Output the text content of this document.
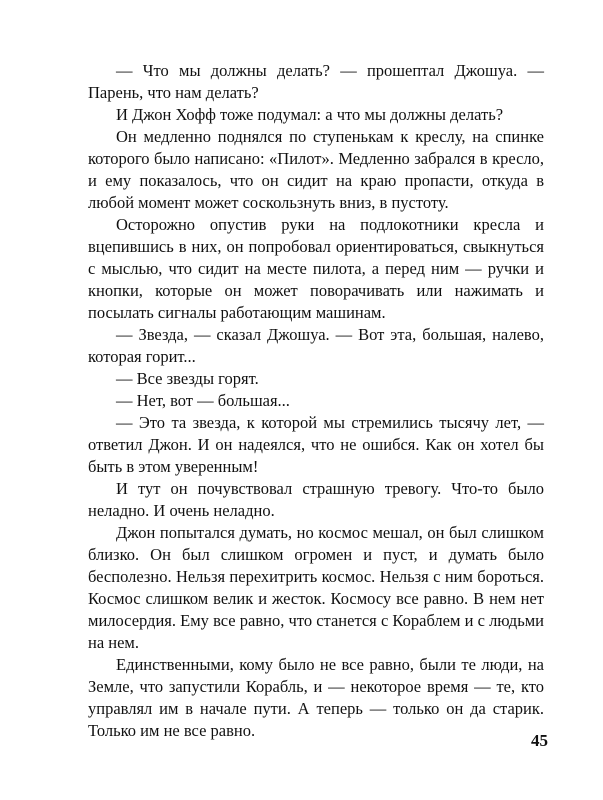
— Что мы должны делать? — прошептал Джошуа. — Парень, что нам делать?

И Джон Хофф тоже подумал: а что мы должны делать?

Он медленно поднялся по ступенькам к креслу, на спинке которого было написано: «Пилот». Медленно забрался в кресло, и ему показалось, что он сидит на краю пропасти, откуда в любой момент может соскользнуть вниз, в пустоту.

Осторожно опустив руки на подлокотники кресла и вцепившись в них, он попробовал ориентироваться, свыкнуться с мыслью, что сидит на месте пилота, а перед ним — ручки и кнопки, которые он может поворачивать или нажимать и посылать сигналы работающим машинам.

— Звезда, — сказал Джошуа. — Вот эта, большая, налево, которая горит...

— Все звезды горят.

— Нет, вот — большая...

— Это та звезда, к которой мы стремились тысячу лет, — ответил Джон. И он надеялся, что не ошибся. Как он хотел бы быть в этом уверенным!

И тут он почувствовал страшную тревогу. Что-то было неладно. И очень неладно.

Джон попытался думать, но космос мешал, он был слишком близко. Он был слишком огромен и пуст, и думать было бесполезно. Нельзя перехитрить космос. Нельзя с ним бороться. Космос слишком велик и жесток. Космосу все равно. В нем нет милосердия. Ему все равно, что станется с Кораблем и с людьми на нем.

Единственными, кому было не все равно, были те люди, на Земле, что запустили Корабль, и — некоторое время — те, кто управлял им в начале пути. А теперь — только он да старик. Только им не все равно.

45
